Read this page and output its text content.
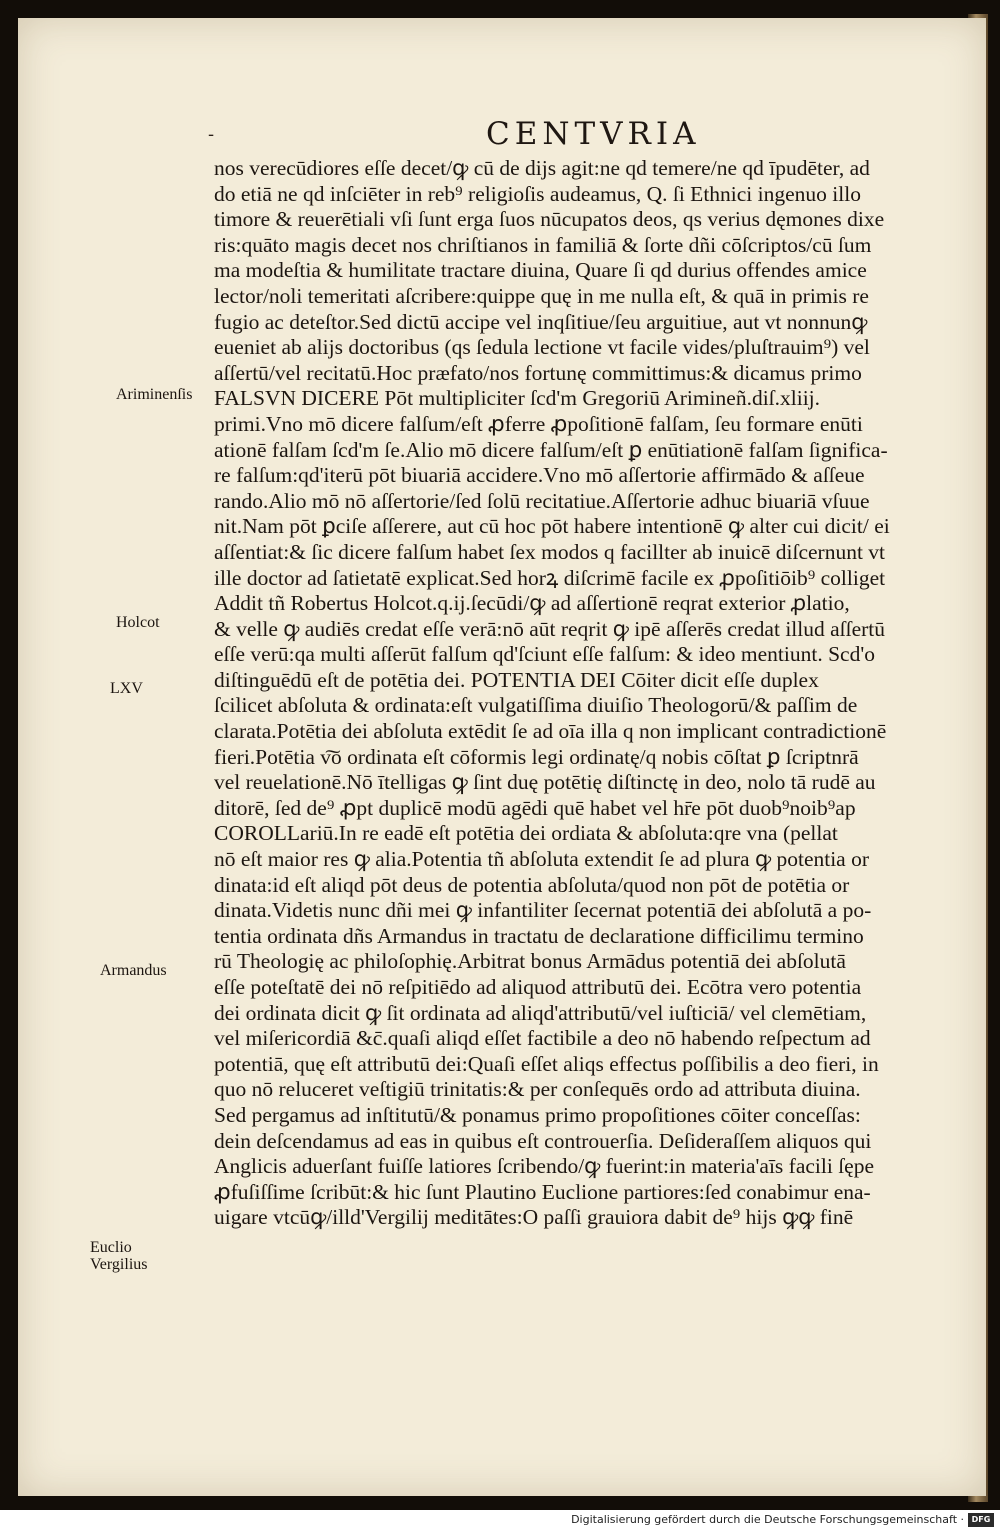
-	CENTVRIA
Ariminenſis
Holcot
LXV
Armandus
Euclio
Vergilius
nos verecūdiores eſſe decet/ꝙ cū de dijs agit:ne qd temere/ne qd īpudēter, ad
do etiā ne qd inſciēter in reb⁹ religioſis audeamus, Q. ſi Ethnici ingenuo illo
timore & reuerētiali vſi ſunt erga ſuos nūcupatos deos, qs verius dęmones dixe
ris:quāto magis decet nos chriſtianos in familiā & ſorte dñi cōſcriptos/cū ſum
ma modeſtia & humilitate tractare diuina, Quare ſi qd durius offendes amice
lector/noli temeritati aſcribere:quippe quę in me nulla eſt, & quā in primis re
fugio ac deteſtor.Sed dictū accipe vel inqſitiue/ſeu arguitiue, aut vt nonnunꝙ
eueniet ab alijs doctoribus (qs ſedula lectione vt facile vides/pluſtrauim⁹) vel
aſſertū/vel recitatū.Hoc præfato/nos fortunę committimus:& dicamus primo
FALSVN DICERE Pōt multipliciter ſcd'm Gregoriū Arimineñ.diſ.xliij.
primi.Vno mō dicere falſum/eſt ꝓferre ꝓpoſitionē falſam, ſeu formare enūti
ationē falſam ſcd'm ſe.Alio mō dicere falſum/eſt ꝑ enūtiationē falſam ſignifica-
re falſum:qd'iterū pōt biuariā accidere.Vno mō aſſertorie affirmādo & aſſeue
rando.Alio mō nō aſſertorie/ſed ſolū recitatiue.Aſſertorie adhuc biuariā vſuue
nit.Nam pōt ꝑciſe aſſerere, aut cū hoc pōt habere intentionē ꝙ alter cui dicit/ ei
aſſentiat:& ſic dicere falſum habet ſex modos q facillter ab inuicē diſcernunt vt
ille doctor ad ſatietatē explicat.Sed horꝝ diſcrimē facile ex ꝓpoſitiōib⁹ colliget
Addit tñ Robertus Holcot.q.ij.ſecūdi/ꝙ ad aſſertionē reqrat exterior ꝓlatio,
& velle ꝙ audiēs credat eſſe verā:nō aūt reqrit ꝙ ipē aſſerēs credat illud aſſertū
eſſe verū:qa multi aſſerūt falſum qd'ſciunt eſſe falſum: & ideo mentiunt. Scd'o
diſtinguēdū eſt de potētia dei. POTENTIA DEI Cōiter dicit eſſe duplex
ſcilicet abſoluta & ordinata:eſt vulgatiſſima diuiſio Theologorū/& paſſim de
clarata.Potētia dei abſoluta extēdit ſe ad oīa illa q non implicant contradictionē
fieri.Potētia v͠o ordinata eſt cōformis legi ordinatę/q nobis cōſtat ꝑ ſcriptnrā
vel reuelationē.Nō ītelligas ꝙ ſint duę potētię diſtinctę in deo, nolo tā rudē au
ditorē, ſed de⁹ ꝓpt duplicē modū agēdi quē habet vel hr̄e pōt duob⁹noib⁹ap
COROLLariū.In re eadē eſt potētia dei ordiata & abſoluta:qre vna (pellat
nō eſt maior res ꝙ alia.Potentia tñ abſoluta extendit ſe ad plura ꝙ potentia or
dinata:id eſt aliqd pōt deus de potentia abſoluta/quod non pōt de potētia or
dinata.Videtis nunc dñi mei ꝙ infantiliter ſecernat potentiā dei abſolutā a po-
tentia ordinata dñs Armandus in tractatu de declaratione difficilimu termino
rū Theologię ac philoſophię.Arbitrat bonus Armādus potentiā dei abſolutā
eſſe poteſtatē dei nō reſpitiēdo ad aliquod attributū dei. Ecōtra vero potentia
dei ordinata dicit ꝙ ſit ordinata ad aliqd'attributū/vel iuſticiā/ vel clemētiam,
vel miſericordiā &c̄.quaſi aliqd eſſet factibile a deo nō habendo reſpectum ad
potentiā, quę eſt attributū dei:Quaſi eſſet aliqs effectus poſſibilis a deo fieri, in
quo nō reluceret veſtigiū trinitatis:& per conſequēs ordo ad attributa diuina.
Sed pergamus ad inſtitutū/& ponamus primo propoſitiones cōiter conceſſas:
dein deſcendamus ad eas in quibus eſt controuerſia. Deſideraſſem aliquos qui
Anglicis aduerſant fuiſſe latiores ſcribendo/ꝙ fuerint:in materia'aīs facili ſępe
ꝓfuſiſſime ſcribūt:& hic ſunt Plautino Euclione partiores:ſed conabimur ena-
uigare vtcūꝙ/illd'Vergilij meditātes:O paſſi grauiora dabit de⁹ hijs ꝙꝙ finē
Digitalisierung gefördert durch die Deutsche Forschungsgemeinschaft · DFG
